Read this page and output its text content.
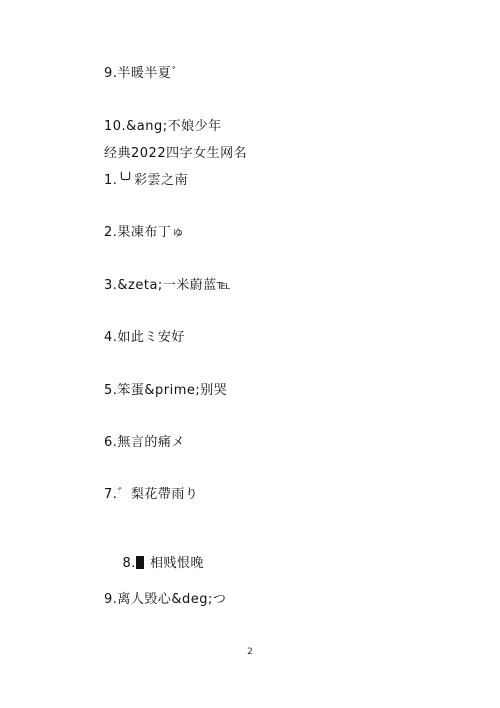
9.半暖半夏゛
10.&ang;不娘少年
经典2022四字女生网名
1.╰╯彩雲之南
2.果凍布丁ゅ
3.&zeta;一米蔚蓝℡
4.如此ミ安好
5.笨蛋&prime;别哭
6.無言的痛メ
7.゛梨花帶雨り

8. 相贱恨晚

9.离人毁心&deg;つ
2
